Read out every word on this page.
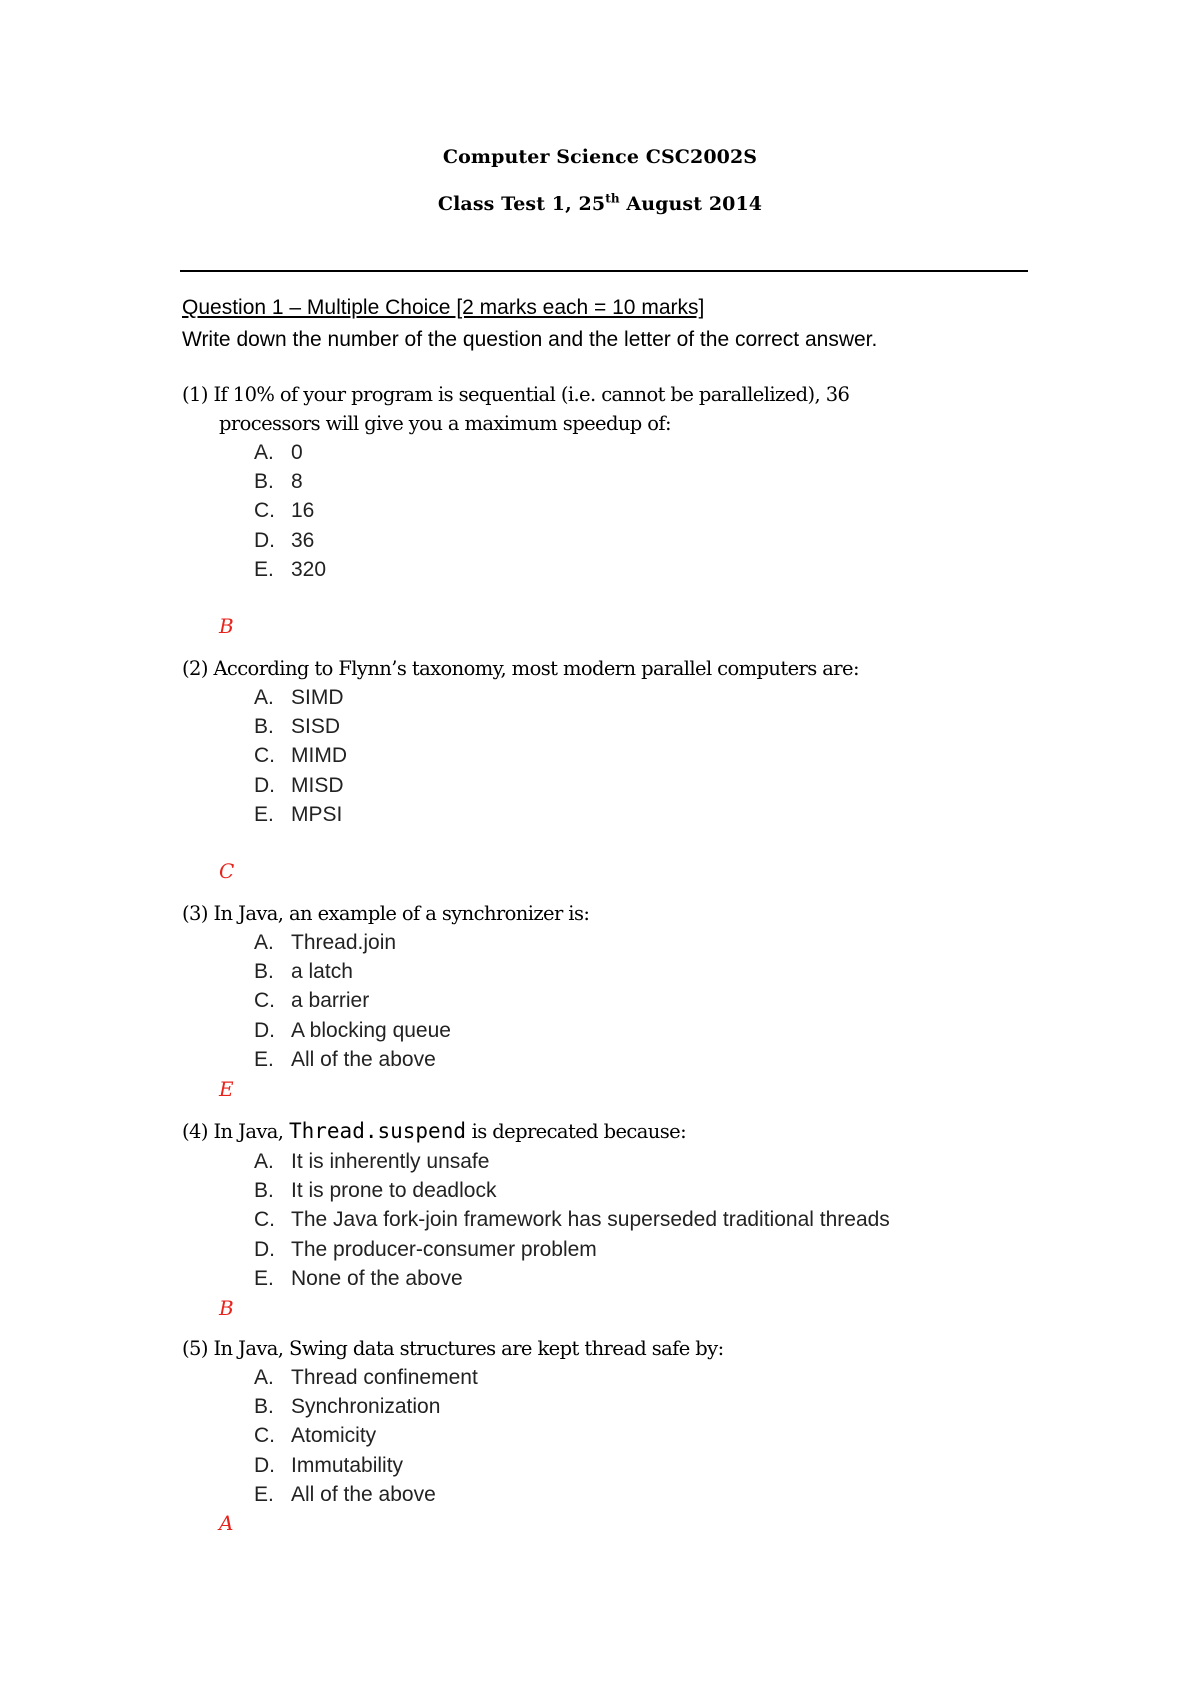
Computer Science CSC2002S
Class Test 1, 25th August 2014
Question 1 – Multiple Choice [2 marks each = 10 marks]
Write down the number of the question and the letter of the correct answer.
(1) If 10% of your program is sequential (i.e. cannot be parallelized), 36
processors will give you a maximum speedup of:
A. 0
B. 8
C. 16
D. 36
E. 320
B
(2) According to Flynn’s taxonomy, most modern parallel computers are:
A. SIMD
B. SISD
C. MIMD
D. MISD
E. MPSI
C
(3) In Java, an example of a synchronizer is:
A. Thread.join
B. a latch
C. a barrier
D. A blocking queue
E. All of the above
E
(4) In Java, Thread.suspend is deprecated because:
A. It is inherently unsafe
B. It is prone to deadlock
C. The Java fork-join framework has superseded traditional threads
D. The producer-consumer problem
E. None of the above
B
(5) In Java, Swing data structures are kept thread safe by:
A. Thread confinement
B. Synchronization
C. Atomicity
D. Immutability
E. All of the above
A
